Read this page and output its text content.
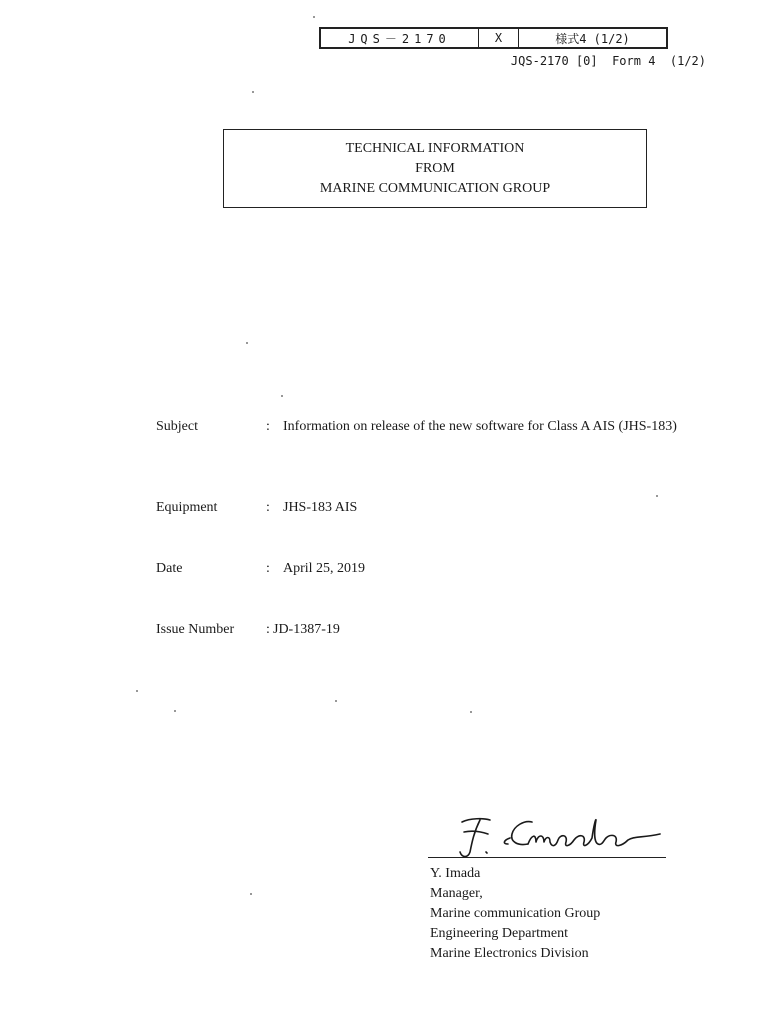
JQS－2170	X	様式4 (1/2)
JQS-2170 [0]  Form 4  (1/2)
TECHNICAL INFORMATION
FROM
MARINE COMMUNICATION GROUP
Subject	: Information on release of the new software for Class A AIS (JHS-183)
Equipment	: JHS-183 AIS
Date	: April 25, 2019
Issue Number : JD-1387-19
Y. Imada
Manager,
Marine communication Group
Engineering Department
Marine Electronics Division
